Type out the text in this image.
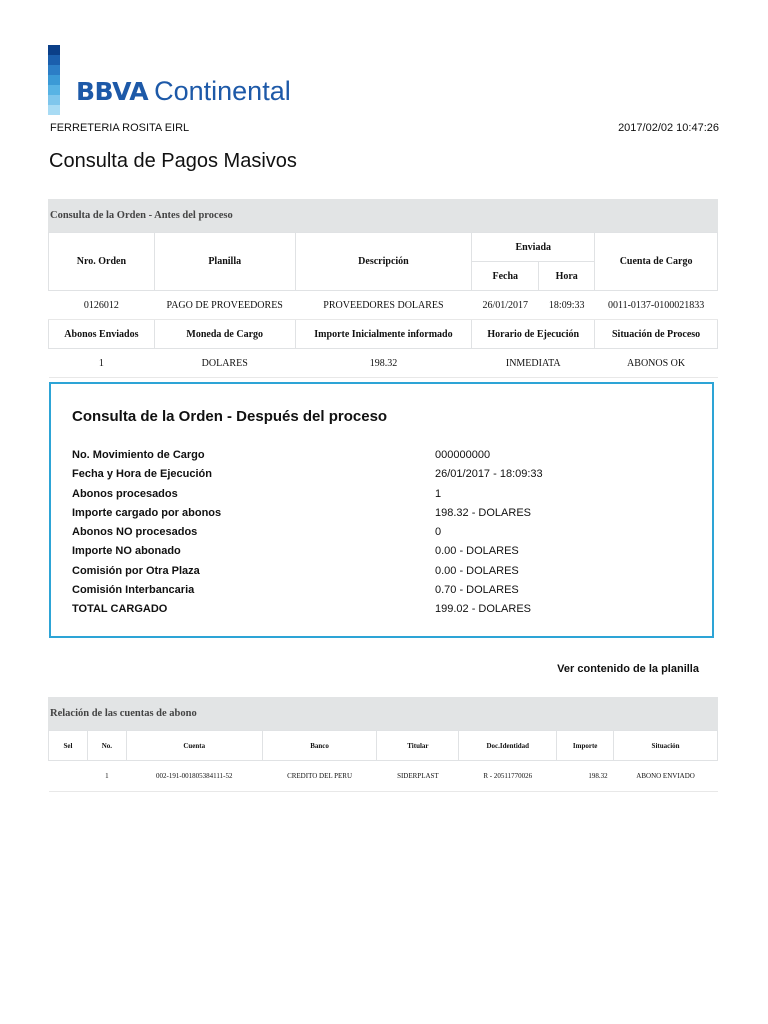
BBVA Continental
FERRETERIA ROSITA EIRL	2017/02/02 10:47:26
Consulta de Pagos Masivos
Consulta de la Orden - Antes del proceso
Nro. Orden	Planilla	Descripción	Enviada		Cuenta de Cargo
			Fecha	Hora	
0126012	PAGO DE PROVEEDORES	PROVEEDORES DOLARES	26/01/2017	18:09:33	0011-0137-0100021833
Abonos Enviados	Moneda de Cargo	Importe Inicialmente informado	Horario de Ejecución		Situación de Proceso
1	DOLARES	198.32	INMEDIATA		ABONOS OK
Consulta de la Orden - Después del proceso
No. Movimiento de Cargo	000000000
Fecha y Hora de Ejecución	26/01/2017 - 18:09:33
Abonos procesados	1
Importe cargado por abonos	198.32 - DOLARES
Abonos NO procesados	0
Importe NO abonado	0.00 - DOLARES
Comisión por Otra Plaza	0.00 - DOLARES
Comisión Interbancaria	0.70 - DOLARES
TOTAL CARGADO	199.02 - DOLARES
Ver contenido de la planilla
Relación de las cuentas de abono
Sel	No.	Cuenta	Banco	Titular	Doc.Identidad	Importe	Situación
	1	002-191-001805384111-52	CREDITO DEL PERU	SIDERPLAST	R - 20511770026	198.32	ABONO ENVIADO
